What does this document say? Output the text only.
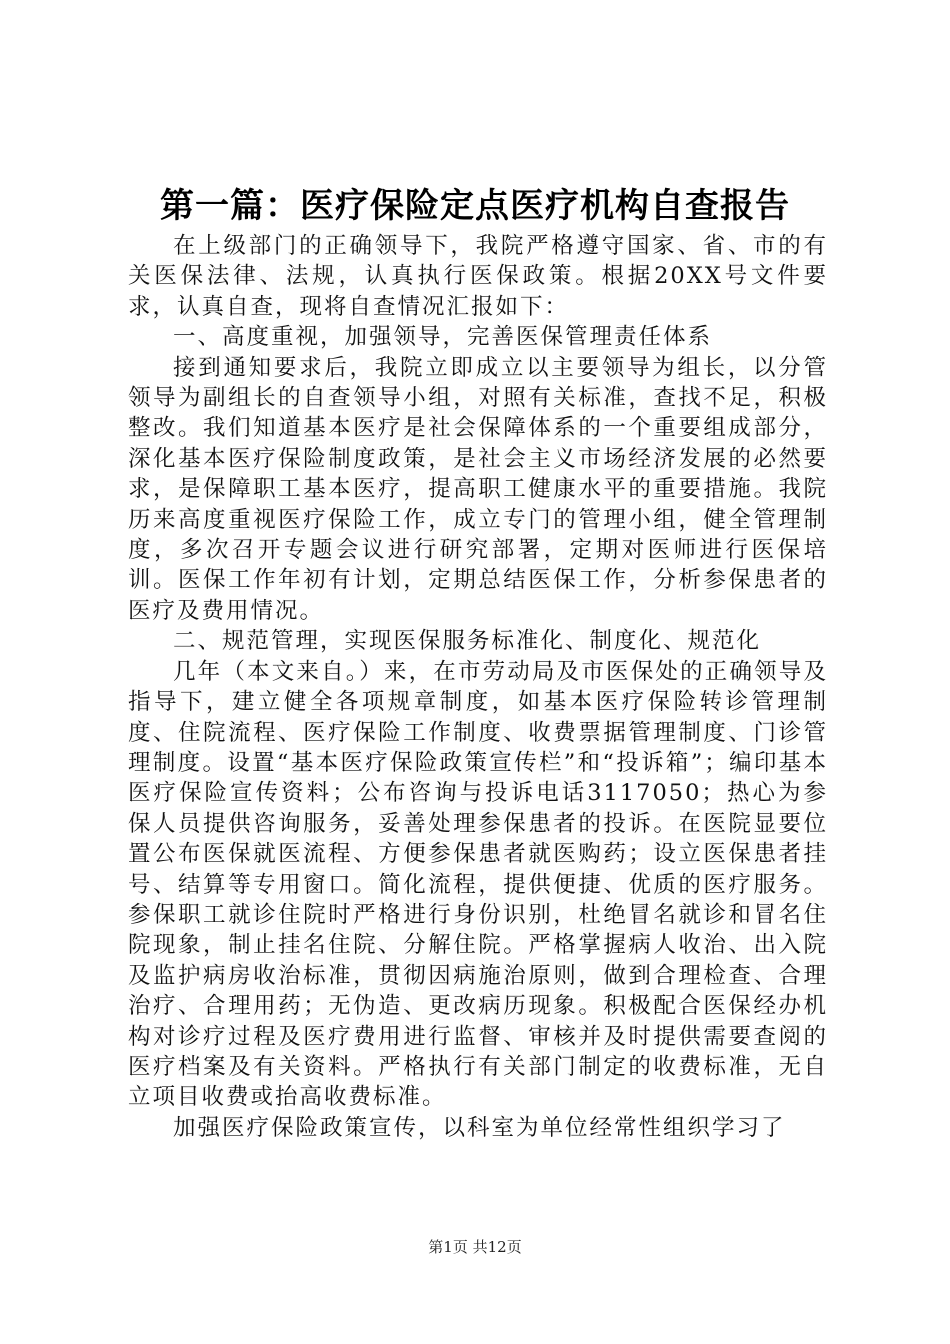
第一篇：医疗保险定点医疗机构自查报告

在上级部门的正确领导下，我院严格遵守国家、省、市的有关医保法律、法规，认真执行医保政策。根据20XX号文件要求，认真自查，现将自查情况汇报如下：

一、高度重视，加强领导，完善医保管理责任体系

接到通知要求后，我院立即成立以主要领导为组长，以分管领导为副组长的自查领导小组，对照有关标准，查找不足，积极整改。我们知道基本医疗是社会保障体系的一个重要组成部分，深化基本医疗保险制度政策，是社会主义市场经济发展的必然要求，是保障职工基本医疗，提高职工健康水平的重要措施。我院历来高度重视医疗保险工作，成立专门的管理小组，健全管理制度，多次召开专题会议进行研究部署，定期对医师进行医保培训。医保工作年初有计划，定期总结医保工作，分析参保患者的医疗及费用情况。

二、规范管理，实现医保服务标准化、制度化、规范化

几年（本文来自。）来，在市劳动局及市医保处的正确领导及指导下，建立健全各项规章制度，如基本医疗保险转诊管理制度、住院流程、医疗保险工作制度、收费票据管理制度、门诊管理制度。设置“基本医疗保险政策宣传栏”和“投诉箱”；编印基本医疗保险宣传资料；公布咨询与投诉电话3117050；热心为参保人员提供咨询服务，妥善处理参保患者的投诉。在医院显要位置公布医保就医流程、方便参保患者就医购药；设立医保患者挂号、结算等专用窗口。简化流程，提供便捷、优质的医疗服务。参保职工就诊住院时严格进行身份识别，杜绝冒名就诊和冒名住院现象，制止挂名住院、分解住院。严格掌握病人收治、出入院及监护病房收治标准，贯彻因病施治原则，做到合理检查、合理治疗、合理用药；无伪造、更改病历现象。积极配合医保经办机构对诊疗过程及医疗费用进行监督、审核并及时提供需要查阅的医疗档案及有关资料。严格执行有关部门制定的收费标准，无自立项目收费或抬高收费标准。

加强医疗保险政策宣传，以科室为单位经常性组织学习了

第1页 共12页
